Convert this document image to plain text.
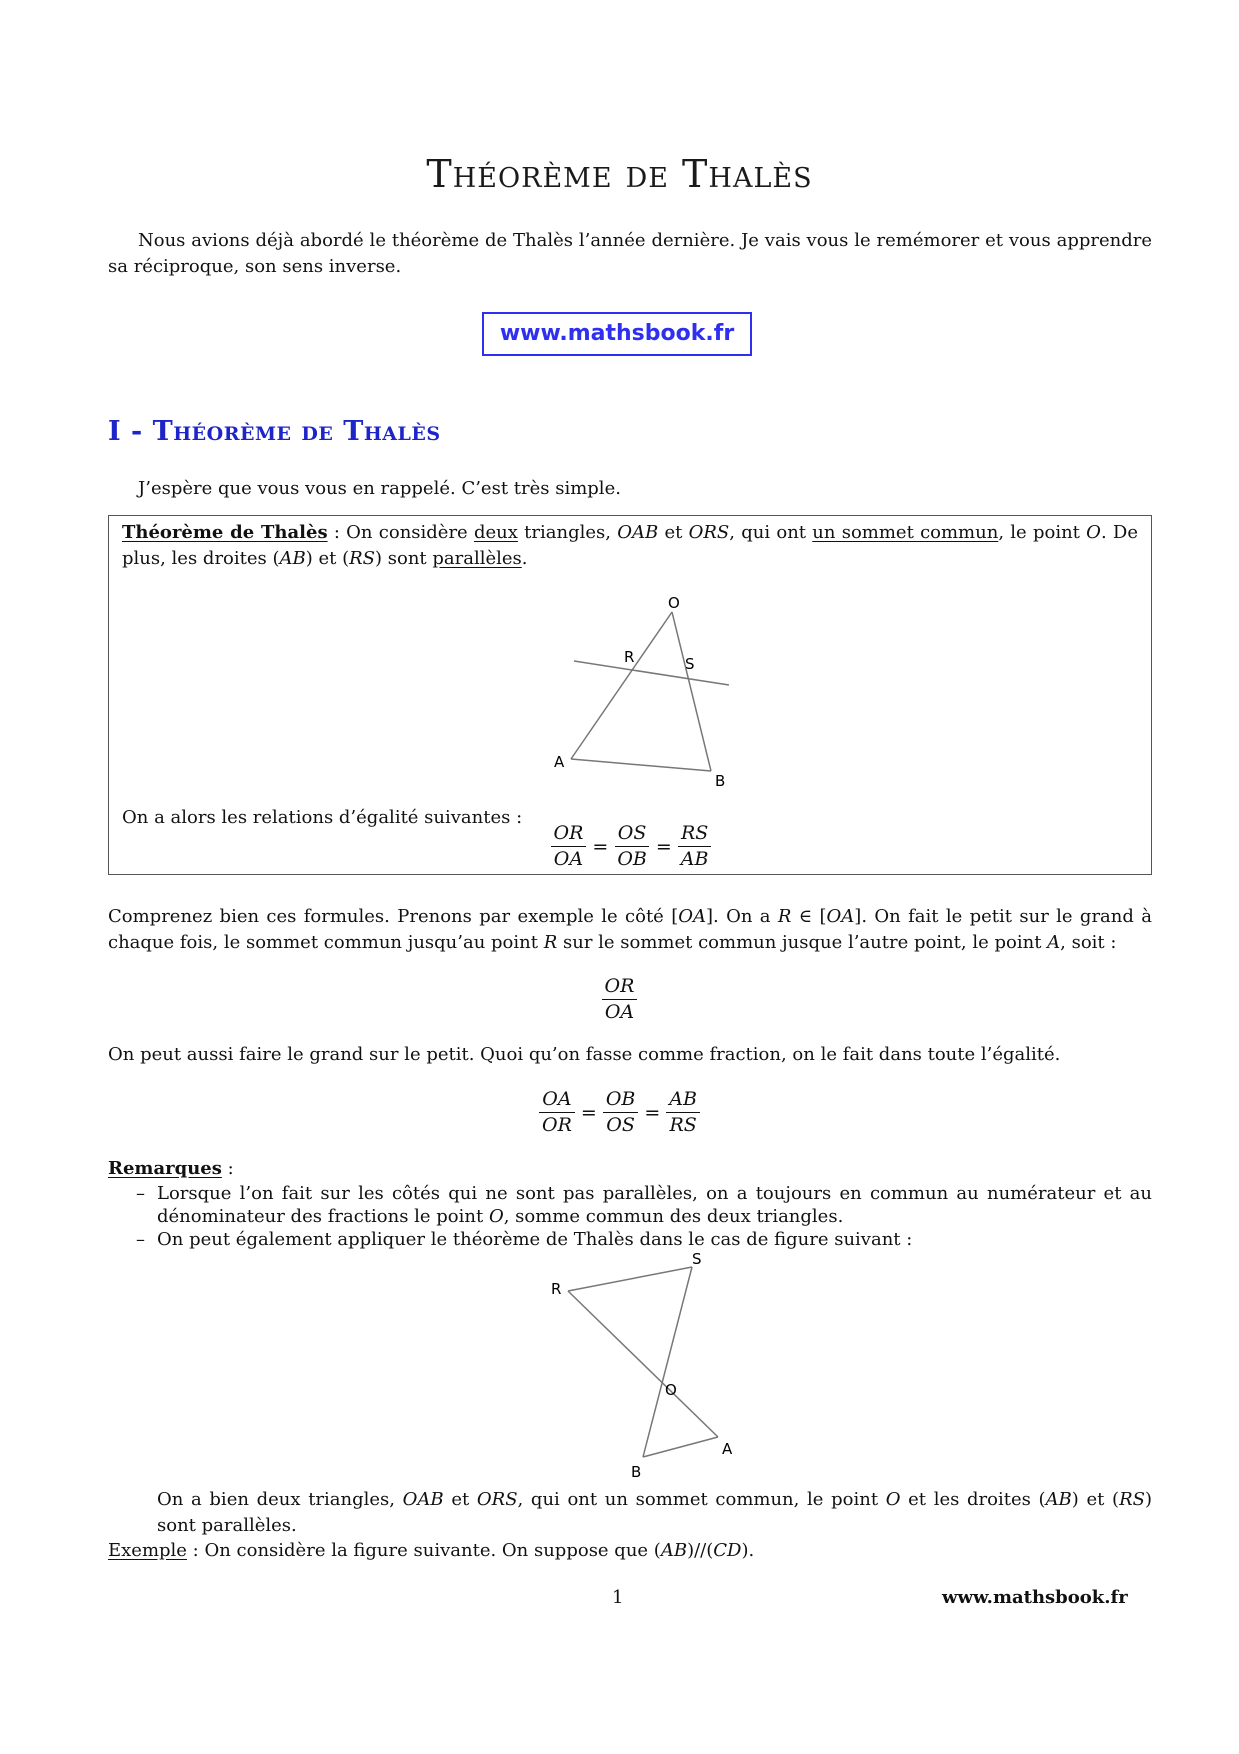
Théorème de Thalès
Nous avions déjà abordé le théorème de Thalès l’année dernière. Je vais vous le remémorer et vous apprendre sa réciproque, son sens inverse.
www.mathsbook.fr
I - Théorème de Thalès
J’espère que vous vous en rappelé. C’est très simple.
Théorème de Thalès : On considère deux triangles, OAB et ORS, qui ont un sommet commun, le point O. De plus, les droites (AB) et (RS) sont parallèles.
O
R	S
A
B
On a alors les relations d’égalité suivantes :
$\frac{OR}{OA} = \frac{OS}{OB} = \frac{RS}{AB}$
Comprenez bien ces formules. Prenons par exemple le côté [OA]. On a R ∈ [OA]. On fait le petit sur le grand à chaque fois, le sommet commun jusqu’au point R sur le sommet commun jusque l’autre point, le point A, soit :
$\frac{OR}{OA}$
On peut aussi faire le grand sur le petit. Quoi qu’on fasse comme fraction, on le fait dans toute l’égalité.
$\frac{OA}{OR} = \frac{OB}{OS} = \frac{AB}{RS}$
Remarques :
– Lorsque l’on fait sur les côtés qui ne sont pas parallèles, on a toujours en commun au numérateur et au dénominateur des fractions le point O, somme commun des deux triangles.
– On peut également appliquer le théorème de Thalès dans le cas de figure suivant :
S
R
O
A
B
On a bien deux triangles, OAB et ORS, qui ont un sommet commun, le point O et les droites (AB) et (RS) sont parallèles.
Exemple : On considère la figure suivante. On suppose que (AB)//(CD).
1	www.mathsbook.fr
